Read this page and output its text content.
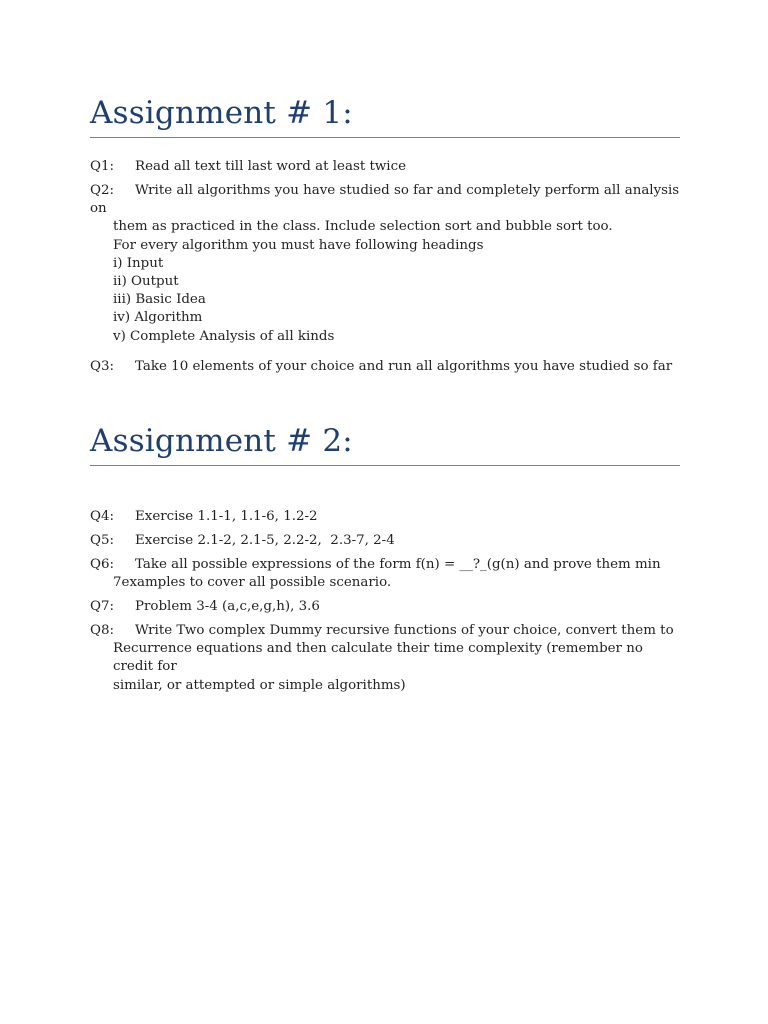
Assignment # 1:
Q1: Read all text till last word at least twice
Q2: Write all algorithms you have studied so far and completely perform all analysis on
them as practiced in the class. Include selection sort and bubble sort too.
For every algorithm you must have following headings
i) Input
ii) Output
iii) Basic Idea
iv) Algorithm
v) Complete Analysis of all kinds
Q3: Take 10 elements of your choice and run all algorithms you have studied so far
Assignment # 2:
Q4: Exercise 1.1-1, 1.1-6, 1.2-2
Q5: Exercise 2.1-2, 2.1-5, 2.2-2,  2.3-7, 2-4
Q6: Take all possible expressions of the form f(n) = __?_(g(n) and prove them min
7examples to cover all possible scenario.
Q7: Problem 3-4 (a,c,e,g,h), 3.6
Q8: Write Two complex Dummy recursive functions of your choice, convert them to
Recurrence equations and then calculate their time complexity (remember no credit for
similar, or attempted or simple algorithms)
